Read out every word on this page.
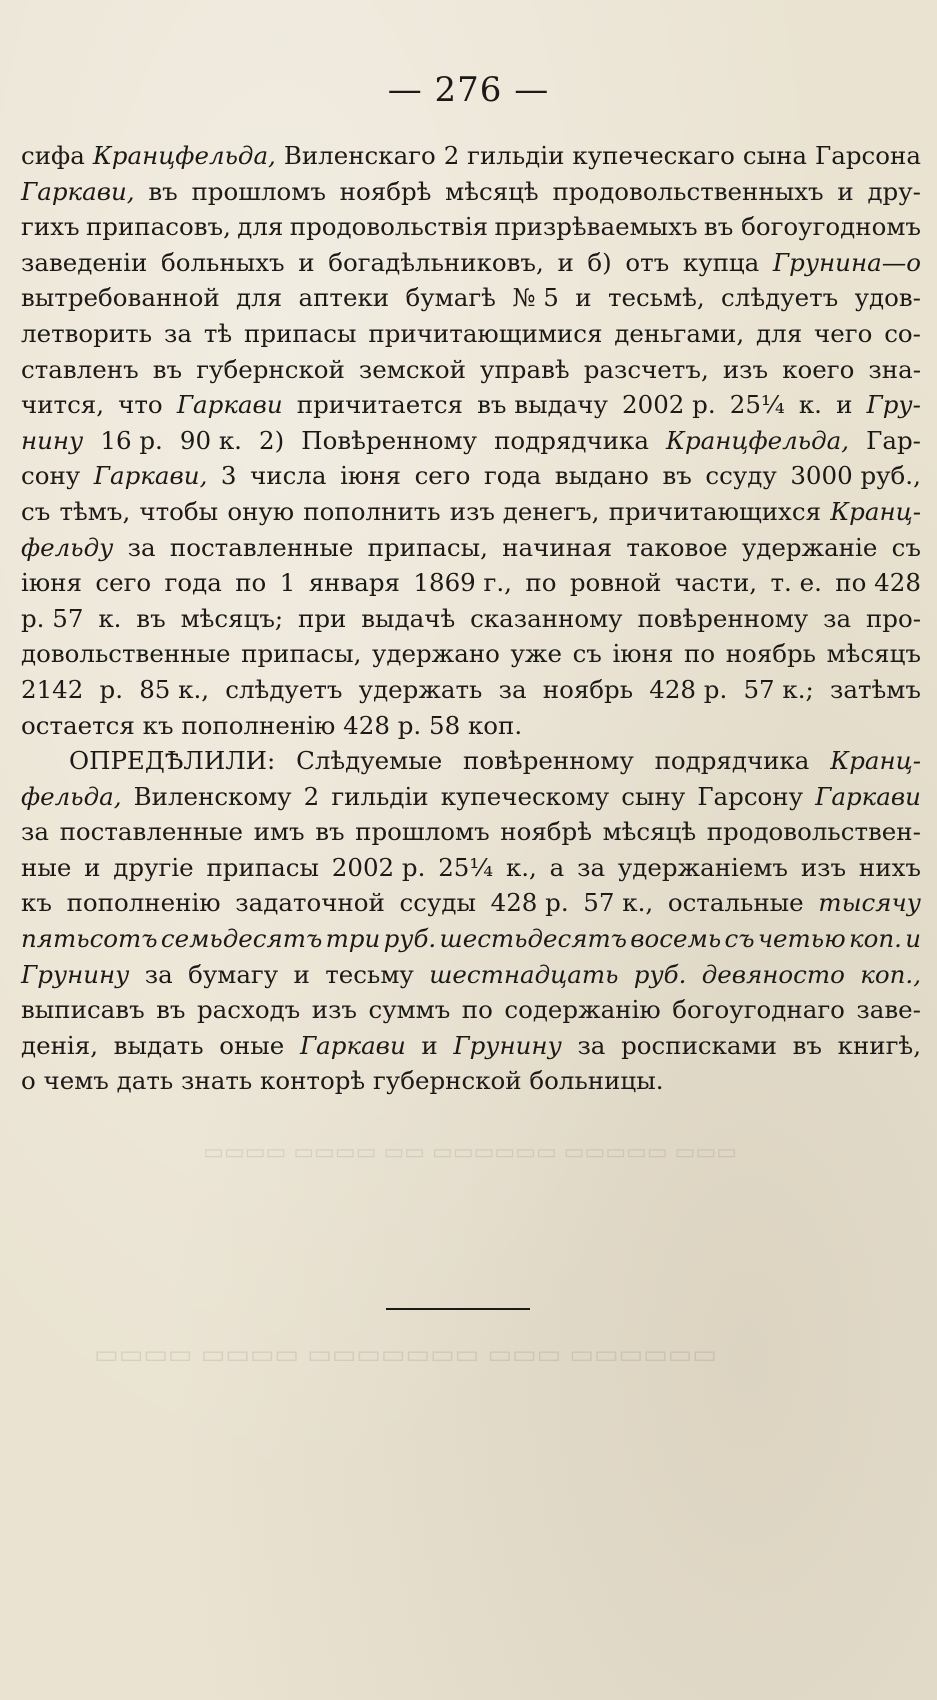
▭▭▭ ▭▭▭▭▭ ▭▭▭▭▭▭ ▭▭ ▭▭▭▭ ▭▭▭▭
▭▭▭▭▭▭ ▭▭▭ ▭▭▭▭▭▭▭ ▭▭▭▭ ▭▭▭▭
— 276 —
сифа Кранцфельда, Виленскаго 2 гильдіи купеческаго сына Гарсона
Гаркави, въ прошломъ ноябрѣ мѣсяцѣ продовольственныхъ и дру-
гихъ припасовъ, для продовольствія призрѣваемыхъ въ богоугодномъ
заведеніи больныхъ и богадѣльниковъ, и б) отъ купца Грунина—о
вытребованной для аптеки бумагѣ № 5 и тесьмѣ, слѣдуетъ удов-
летворить за тѣ припасы причитающимися деньгами, для чего со-
ставленъ въ губернской земской управѣ разсчетъ, изъ коего зна-
чится, что Гаркави причитается въ выдачу 2002 р. 25¼ к. и Гру-
нину 16 р. 90 к. 2) Повѣренному подрядчика Кранцфельда, Гар-
сону Гаркави, 3 числа іюня сего года выдано въ ссуду 3000 руб.,
съ тѣмъ, чтобы оную пополнить изъ денегъ, причитающихся Кранц-
фельду за поставленные припасы, начиная таковое удержаніе съ
іюня сего года по 1 января 1869 г., по ровной части, т. е. по 428
р. 57 к. въ мѣсяцъ; при выдачѣ сказанному повѣренному за про-
довольственные припасы, удержано уже съ іюня по ноябрь мѣсяцъ
2142 р. 85 к., слѣдуетъ удержать за ноябрь 428 р. 57 к.; затѣмъ
остается къ пополненію 428 р. 58 коп.
ОПРЕДѢЛИЛИ: Слѣдуемые повѣренному подрядчика Кранц-
фельда, Виленскому 2 гильдіи купеческому сыну Гарсону Гаркави
за поставленные имъ въ прошломъ ноябрѣ мѣсяцѣ продовольствен-
ные и другіе припасы 2002 р. 25¼ к., а за удержаніемъ изъ нихъ
къ пополненію задаточной ссуды 428 р. 57 к., остальные тысячу
пятьсотъ семьдесятъ три руб. шестьдесятъ восемь съ четью коп. и
Грунину за бумагу и тесьму шестнадцать руб. девяносто коп.,
выписавъ въ расходъ изъ суммъ по содержанію богоугоднаго заве-
денія, выдать оные Гаркави и Грунину за росписками въ книгѣ,
о чемъ дать знать конторѣ губернской больницы.
